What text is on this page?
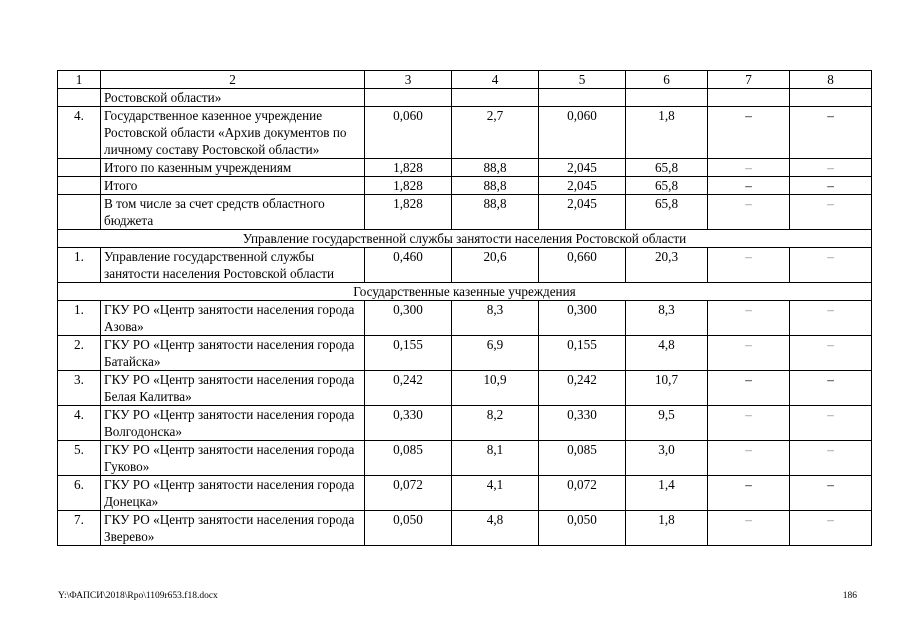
1	2	3	4	5	6	7	8
	Ростовской области»						
4.	Государственное казенное учреждение Ростовской области «Архив документов по личному составу Ростовской области»	0,060	2,7	0,060	1,8	–	–
	Итого по казенным учреждениям	1,828	88,8	2,045	65,8	–	–
	Итого	1,828	88,8	2,045	65,8	–	–
	В том числе за счет средств областного бюджета	1,828	88,8	2,045	65,8	–	–
Управление государственной службы занятости населения Ростовской области							
1.	Управление государственной службы занятости населения Ростовской области	0,460	20,6	0,660	20,3	–	–
Государственные казенные учреждения							
1.	ГКУ РО «Центр занятости населения города Азова»	0,300	8,3	0,300	8,3	–	–
2.	ГКУ РО «Центр занятости населения города Батайска»	0,155	6,9	0,155	4,8	–	–
3.	ГКУ РО «Центр занятости населения города Белая Калитва»	0,242	10,9	0,242	10,7	–	–
4.	ГКУ РО «Центр занятости населения города Волгодонска»	0,330	8,2	0,330	9,5	–	–
5.	ГКУ РО «Центр занятости населения города Гуково»	0,085	8,1	0,085	3,0	–	–
6.	ГКУ РО «Центр занятости населения города Донецка»	0,072	4,1	0,072	1,4	–	–
7.	ГКУ РО «Центр занятости населения города Зверево»	0,050	4,8	0,050	1,8	–	–
Y:\ФАПСИ\2018\Rpo\1109r653.f18.docx	186
